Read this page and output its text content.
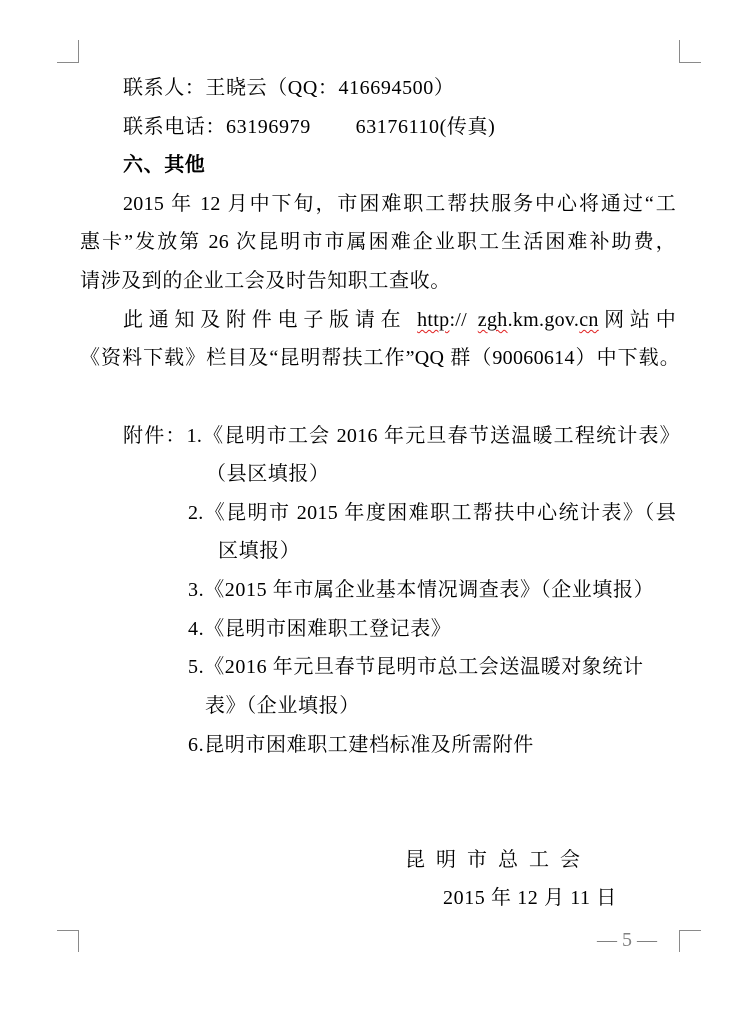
联系人：王晓云（QQ：416694500）
联系电话：63196979        63176110(传真)
六、其他
2015 年 12 月中下旬，市困难职工帮扶服务中心将通过“工
惠卡”发放第 26 次昆明市市属困难企业职工生活困难补助费，
请涉及到的企业工会及时告知职工查收。
此通知及附件电子版请在 http:// zgh.km.gov.cn网站中
《资料下载》栏目及“昆明帮扶工作”QQ 群（90060614）中下载。
附件：1.《昆明市工会 2016 年元旦春节送温暖工程统计表》
（县区填报）
2.《昆明市 2015 年度困难职工帮扶中心统计表》（县
区填报）
3.《2015 年市属企业基本情况调查表》（企业填报）
4.《昆明市困难职工登记表》
5.《2016 年元旦春节昆明市总工会送温暖对象统计
表》（企业填报）
6.昆明市困难职工建档标准及所需附件
昆 明 市 总 工 会
2015 年 12 月 11 日
— 5 —
